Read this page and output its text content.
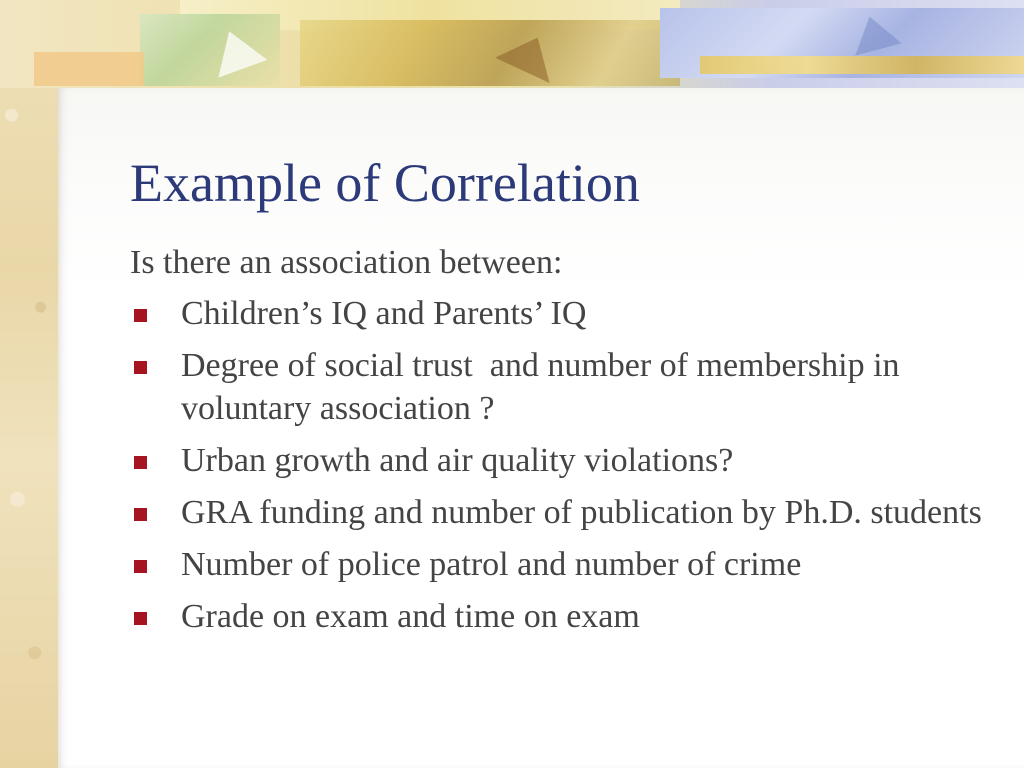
Example of Correlation
Is there an association between:
Children’s IQ and Parents’ IQ
Degree of social trust  and number of membership in voluntary association ?
Urban growth and air quality violations?
GRA funding and number of publication by Ph.D. students
Number of police patrol and number of crime
Grade on exam and time on exam
